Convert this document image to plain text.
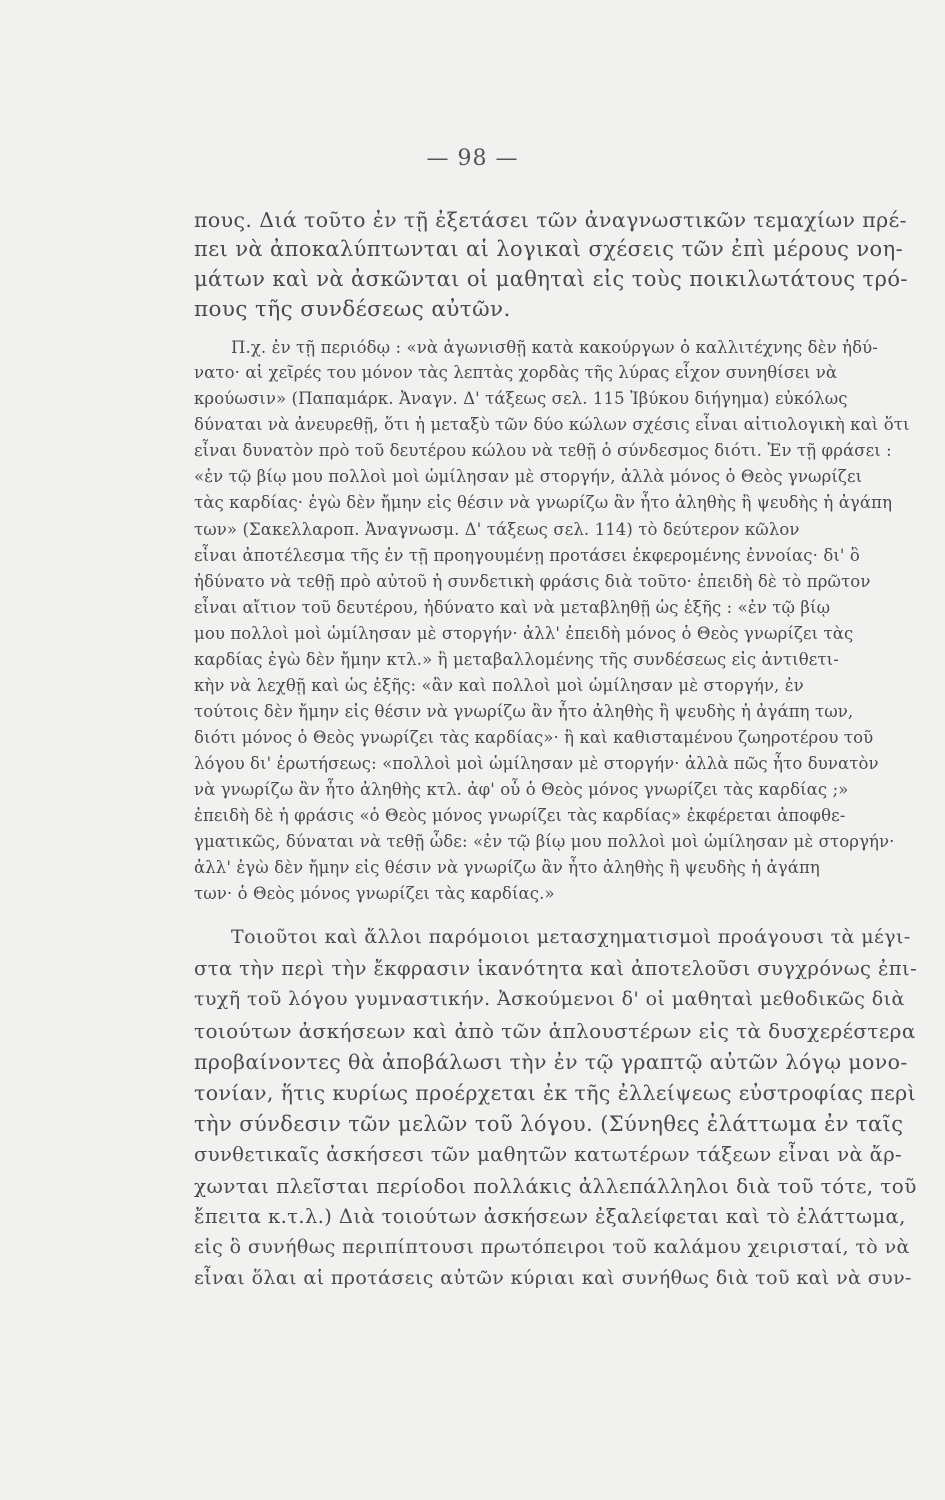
— 98 —
πους. Διά τοῦτο ἐν τῇ ἐξετάσει τῶν ἀναγνωστικῶν τεμαχίων πρέ-
πει νὰ ἀποκαλύπτωνται αἱ λογικαὶ σχέσεις τῶν ἐπὶ μέρους νοη-
μάτων καὶ νὰ ἀσκῶνται οἱ μαθηταὶ εἰς τοὺς ποικιλωτάτους τρό-
πους τῆς συνδέσεως αὐτῶν.
Π.χ. ἐν τῇ περιόδῳ : «νὰ ἀγωνισθῇ κατὰ κακούργων ὁ καλλιτέχνης δὲν ἠδύ-
νατο· αἱ χεῖρές του μόνον τὰς λεπτὰς χορδὰς τῆς λύρας εἶχον συνηθίσει νὰ
κρούωσιν» (Παπαμάρκ. Ἀναγν. Δ' τάξεως σελ. 115 Ἰβύκου διήγημα) εὐκόλως
δύναται νὰ ἀνευρεθῇ, ὅτι ἡ μεταξὺ τῶν δύο κώλων σχέσις εἶναι αἰτιολογικὴ καὶ ὅτι
εἶναι δυνατὸν πρὸ τοῦ δευτέρου κώλου νὰ τεθῇ ὁ σύνδεσμος διότι. Ἐν τῇ φράσει :
«ἐν τῷ βίῳ μου πολλοὶ μοὶ ὡμίλησαν μὲ στοργήν, ἀλλὰ μόνος ὁ Θεὸς γνωρίζει
τὰς καρδίας· ἐγὼ δὲν ἤμην εἰς θέσιν νὰ γνωρίζω ἂν ἦτο ἀληθὴς ἢ ψευδὴς ἡ ἀγάπη
των» (Σακελλαροπ. Ἀναγνωσμ. Δ' τάξεως σελ. 114) τὸ δεύτερον κῶλον
εἶναι ἀποτέλεσμα τῆς ἐν τῇ προηγουμένῃ προτάσει ἐκφερομένης ἐννοίας· δι' ὃ
ἠδύνατο νὰ τεθῇ πρὸ αὐτοῦ ἡ συνδετικὴ φράσις διὰ τοῦτο· ἐπειδὴ δὲ τὸ πρῶτον
εἶναι αἴτιον τοῦ δευτέρου, ἠδύνατο καὶ νὰ μεταβληθῇ ὡς ἑξῆς : «ἐν τῷ βίῳ
μου πολλοὶ μοὶ ὡμίλησαν μὲ στοργήν· ἀλλ' ἐπειδὴ μόνος ὁ Θεὸς γνωρίζει τὰς
καρδίας ἐγὼ δὲν ἤμην κτλ.» ἢ μεταβαλλομένης τῆς συνδέσεως εἰς ἀντιθετι-
κὴν νὰ λεχθῇ καὶ ὡς ἑξῆς: «ἂν καὶ πολλοὶ μοὶ ὡμίλησαν μὲ στοργήν, ἐν
τούτοις δὲν ἤμην εἰς θέσιν νὰ γνωρίζω ἂν ἦτο ἀληθὴς ἢ ψευδὴς ἡ ἀγάπη των,
διότι μόνος ὁ Θεὸς γνωρίζει τὰς καρδίας»· ἢ καὶ καθισταμένου ζωηροτέρου τοῦ
λόγου δι' ἐρωτήσεως: «πολλοὶ μοὶ ὡμίλησαν μὲ στοργήν· ἀλλὰ πῶς ἦτο δυνατὸν
νὰ γνωρίζω ἂν ἦτο ἀληθὴς κτλ. ἀφ' οὗ ὁ Θεὸς μόνος γνωρίζει τὰς καρδίας ;»
ἐπειδὴ δὲ ἡ φράσις «ὁ Θεὸς μόνος γνωρίζει τὰς καρδίας» ἐκφέρεται ἀποφθε-
γματικῶς, δύναται νὰ τεθῇ ὧδε: «ἐν τῷ βίῳ μου πολλοὶ μοὶ ὡμίλησαν μὲ στοργήν·
ἀλλ' ἐγὼ δὲν ἤμην εἰς θέσιν νὰ γνωρίζω ἂν ἦτο ἀληθὴς ἢ ψευδὴς ἡ ἀγάπη
των· ὁ Θεὸς μόνος γνωρίζει τὰς καρδίας.»
Τοιοῦτοι καὶ ἄλλοι παρόμοιοι μετασχηματισμοὶ προάγουσι τὰ μέγι-
στα τὴν περὶ τὴν ἔκφρασιν ἱκανότητα καὶ ἀποτελοῦσι συγχρόνως ἐπι-
τυχῆ τοῦ λόγου γυμναστικήν. Ἀσκούμενοι δ' οἱ μαθηταὶ μεθοδικῶς διὰ
τοιούτων ἀσκήσεων καὶ ἀπὸ τῶν ἁπλουστέρων εἰς τὰ δυσχερέστερα
προβαίνοντες θὰ ἀποβάλωσι τὴν ἐν τῷ γραπτῷ αὐτῶν λόγῳ μονο-
τονίαν, ἥτις κυρίως προέρχεται ἐκ τῆς ἐλλείψεως εὐστροφίας περὶ
τὴν σύνδεσιν τῶν μελῶν τοῦ λόγου. (Σύνηθες ἐλάττωμα ἐν ταῖς
συνθετικαῖς ἀσκήσεσι τῶν μαθητῶν κατωτέρων τάξεων εἶναι νὰ ἄρ-
χωνται πλεῖσται περίοδοι πολλάκις ἀλλεπάλληλοι διὰ τοῦ τότε, τοῦ
ἔπειτα κ.τ.λ.) Διὰ τοιούτων ἀσκήσεων ἐξαλείφεται καὶ τὸ ἐλάττωμα,
εἰς ὃ συνήθως περιπίπτουσι πρωτόπειροι τοῦ καλάμου χειρισταί, τὸ νὰ
εἶναι ὅλαι αἱ προτάσεις αὐτῶν κύριαι καὶ συνήθως διὰ τοῦ καὶ νὰ συν-
